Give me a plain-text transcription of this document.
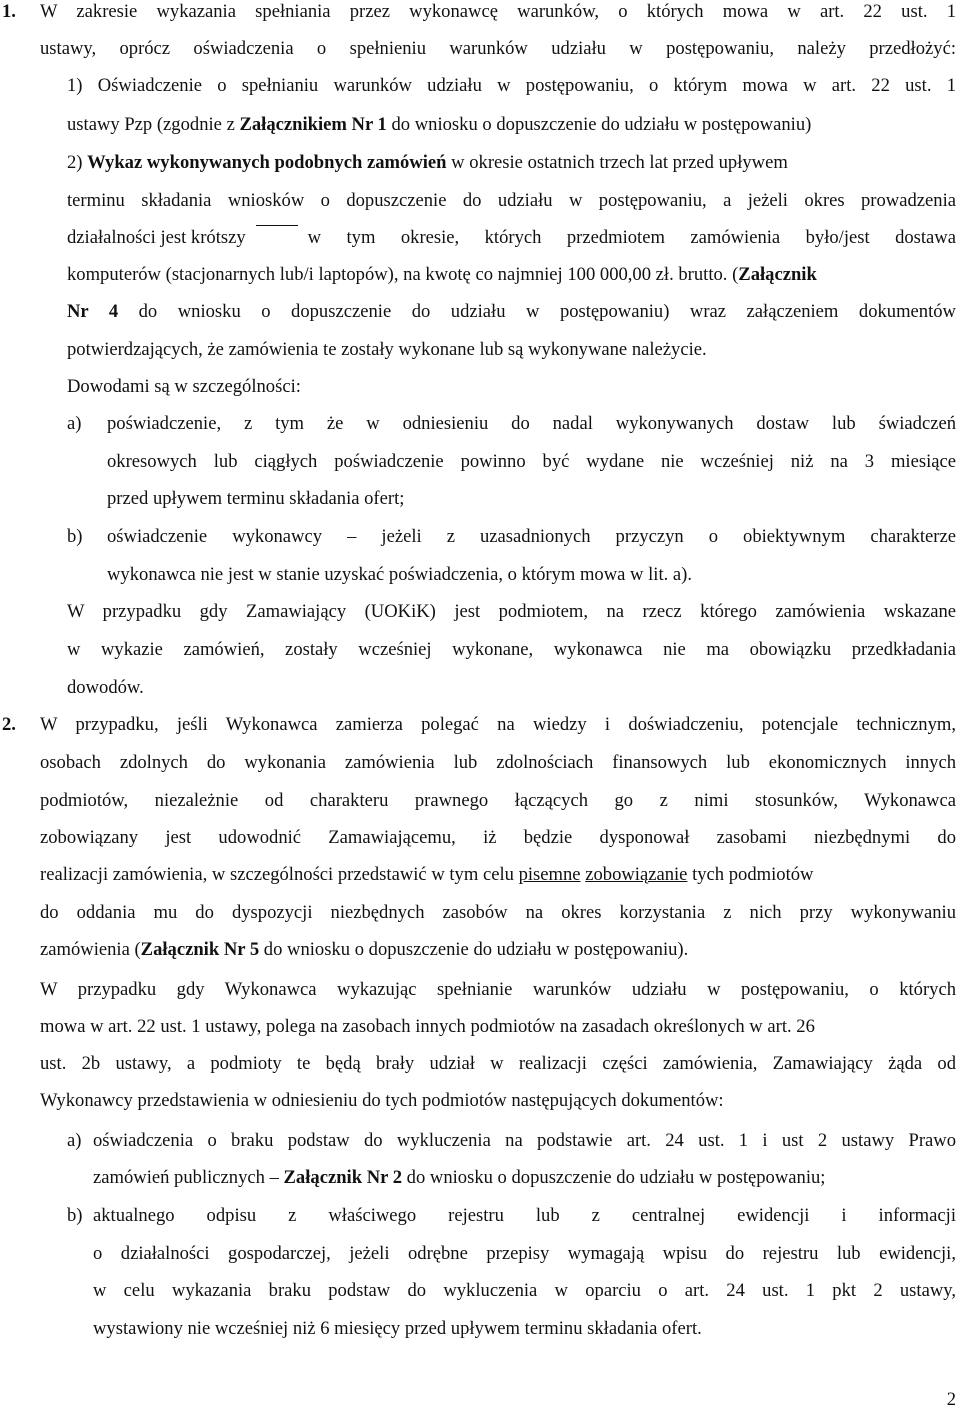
1. W zakresie wykazania spełniania przez wykonawcę warunków, o których mowa w art. 22 ust. 1
ustawy, oprócz oświadczenia o spełnieniu warunków udziału w postępowaniu, należy przedłożyć:
1) Oświadczenie o spełnianiu warunków udziału w postępowaniu, o którym mowa w art. 22 ust. 1
ustawy Pzp (zgodnie z Załącznikiem Nr 1 do wniosku o dopuszczenie do udziału w postępowaniu)
2) Wykaz wykonywanych podobnych zamówień w okresie ostatnich trzech lat przed upływem
terminu składania wniosków o dopuszczenie do udziału w postępowaniu, a jeżeli okres prowadzenia
działalności jest krótszy	w tym okresie, których przedmiotem zamówienia było/jest dostawa
komputerów (stacjonarnych lub/i laptopów), na kwotę co najmniej 100 000,00 zł. brutto. (Załącznik
Nr 4 do wniosku o dopuszczenie do udziału w postępowaniu) wraz załączeniem dokumentów
potwierdzających, że zamówienia te zostały wykonane lub są wykonywane należycie.
Dowodami są w szczególności:
a) poświadczenie, z tym że w odniesieniu do nadal wykonywanych dostaw lub świadczeń
okresowych lub ciągłych poświadczenie powinno być wydane nie wcześniej niż na 3 miesiące
przed upływem terminu składania ofert;
b) oświadczenie wykonawcy – jeżeli z uzasadnionych przyczyn o obiektywnym charakterze
wykonawca nie jest w stanie uzyskać poświadczenia, o którym mowa w lit. a).
W przypadku gdy Zamawiający (UOKiK) jest podmiotem, na rzecz którego zamówienia wskazane
w wykazie zamówień, zostały wcześniej wykonane, wykonawca nie ma obowiązku przedkładania
dowodów.
2. W przypadku, jeśli Wykonawca zamierza polegać na wiedzy i doświadczeniu, potencjale technicznym,
osobach zdolnych do wykonania zamówienia lub zdolnościach finansowych lub ekonomicznych innych
podmiotów, niezależnie od charakteru prawnego łączących go z nimi stosunków, Wykonawca
zobowiązany jest udowodnić Zamawiającemu, iż będzie dysponował zasobami niezbędnymi do
realizacji zamówienia, w szczególności przedstawić w tym celu pisemne zobowiązanie tych podmiotów
do oddania mu do dyspozycji niezbędnych zasobów na okres korzystania z nich przy wykonywaniu
zamówienia (Załącznik Nr 5 do wniosku o dopuszczenie do udziału w postępowaniu).
W przypadku gdy Wykonawca wykazując spełnianie warunków udziału w postępowaniu, o których
mowa w art. 22 ust. 1 ustawy, polega na zasobach innych podmiotów na zasadach określonych w art. 26
ust. 2b ustawy, a podmioty te będą brały udział w realizacji części zamówienia, Zamawiający żąda od
Wykonawcy przedstawienia w odniesieniu do tych podmiotów następujących dokumentów:
a) oświadczenia o braku podstaw do wykluczenia na podstawie art. 24 ust. 1 i ust 2 ustawy Prawo
zamówień publicznych – Załącznik Nr 2 do wniosku o dopuszczenie do udziału w postępowaniu;
b) aktualnego odpisu z właściwego rejestru lub z centralnej ewidencji i informacji
o działalności gospodarczej, jeżeli odrębne przepisy wymagają wpisu do rejestru lub ewidencji,
w celu wykazania braku podstaw do wykluczenia w oparciu o art. 24 ust. 1 pkt 2 ustawy,
wystawiony nie wcześniej niż 6 miesięcy przed upływem terminu składania ofert.
2
